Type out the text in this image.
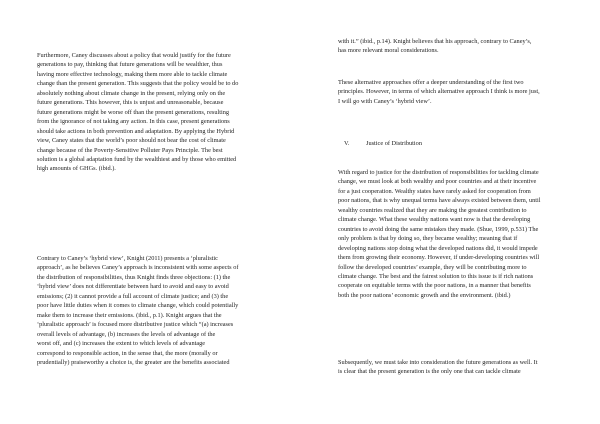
Furthermore, Caney discusses about a policy that would justify for the future
generations to pay, thinking that future generations will be wealthier, thus
having more effective technology, making them more able to tackle climate
change than the present generation. This suggests that the policy would be to do
absolutely nothing about climate change in the present, relying only on the
future generations. This however, this is unjust and unreasonable, because
future generations might be worse off than the present generations, resulting
from the ignorance of not taking any action. In this case, present generations
should take actions in both prevention and adaptation. By applying the Hybrid
view, Caney states that the world’s poor should not bear the cost of climate
change because of the Poverty-Sensitive Polluter Pays Principle. The best
solution is a global adaptation fund by the wealthiest and by those who emitted
high amounts of GHGs. (ibid.).

Contrary to Caney’s ‘hybrid view’, Knight (2011) presents a ‘pluralistic
approach’, as he believes Caney’s approach is inconsistent with some aspects of
the distribution of responsibilities, thus Knight finds three objections: (1) the
‘hybrid view’ does not differentiate between hard to avoid and easy to avoid
emissions; (2) it cannot provide a full account of climate justice; and (3) the
poor have little duties when it comes to climate change, which could potentially
make them to increase their emissions. (ibid., p.1). Knight argues that the
‘pluralistic approach’ is focused more distributive justice which “(a) increases
overall levels of advantage, (b) increases the levels of advantage of the
worst off, and (c) increases the extent to which levels of advantage
correspond to responsible action, in the sense that, the more (morally or
prudentially) praiseworthy a choice is, the greater are the benefits associated

with it.” (ibid., p.14). Knight believes that his approach, contrary to Caney’s,
has more relevant moral considerations.

These alternative approaches offer a deeper understanding of the first two
principles. However, in terms of which alternative approach I think is more just,
I will go with Caney’s ‘hybrid view’.

With regard to justice for the distribution of responsibilities for tackling climate
change, we must look at both wealthy and poor countries and at their incentive
for a just cooperation. Wealthy states have rarely asked for cooperation from
poor nations, that is why unequal terms have always existed between them, until
wealthy countries realized that they are making the greatest contribution to
climate change. What these wealthy nations want now is that the developing
countries to avoid doing the same mistakes they made. (Shue, 1999, p.531) The
only problem is that by doing so, they became wealthy; meaning that if
developing nations stop doing what the developed nations did, it would impede
them from growing their economy. However, if under-developing countries will
follow the developed countries’ example, they will be contributing more to
climate change. The best and the fairest solution to this issue is if rich nations
cooperate on equitable terms with the poor nations, in a manner that benefits
both the poor nations’ economic growth and the environment. (ibid.)

Subsequently, we must take into consideration the future generations as well. It
is clear that the present generation is the only one that can tackle climate

V.	Justice of Distribution
